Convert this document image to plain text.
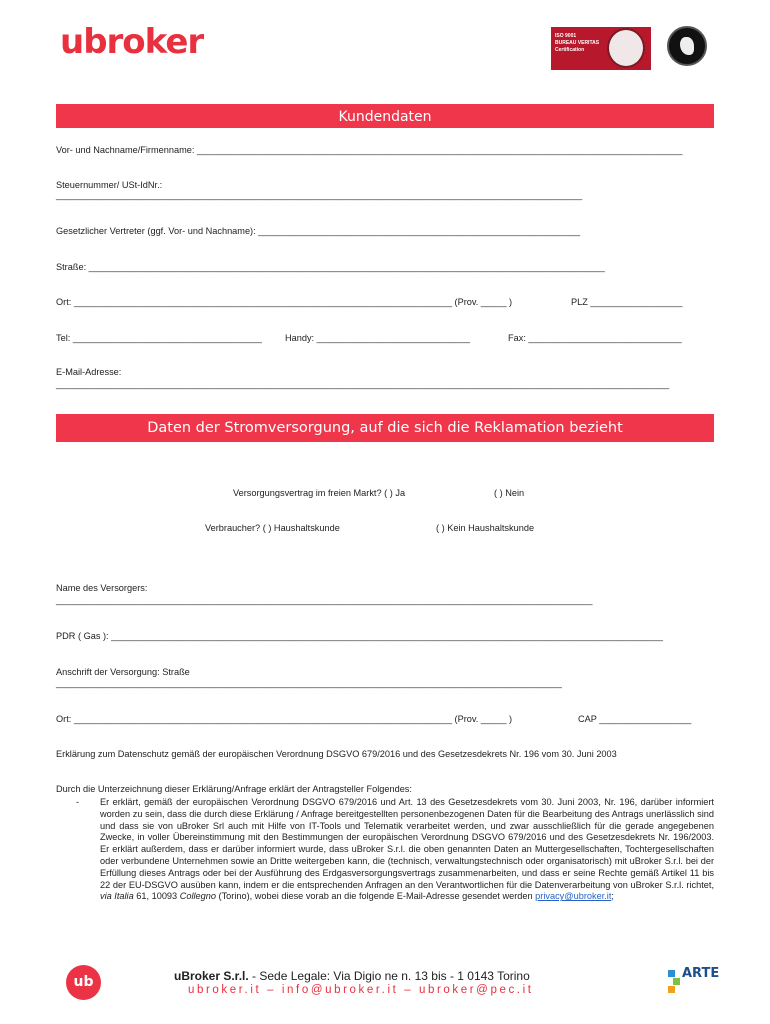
ubroker	ISO 9001
BUREAU VERITAS
Certification
Kundendaten
Vor- und Nachname/Firmenname: _______________________________________________________________________________________________
Steuernummer/ USt-IdNr.:
_______________________________________________________________________________________________________
Gesetzlicher Vertreter (ggf. Vor- und Nachname): _______________________________________________________________
Straße: _____________________________________________________________________________________________________
Ort: __________________________________________________________________________ (Prov. _____ )	PLZ __________________
Tel: _____________________________________	Handy: ______________________________	Fax: ______________________________
E-Mail-Adresse:
________________________________________________________________________________________________________________________
Daten der Stromversorgung, auf die sich die Reklamation bezieht
Versorgungsvertrag im freien Markt? ( ) Ja	( ) Nein
Verbraucher? ( ) Haushaltskunde	( ) Kein Haushaltskunde
Name des Versorgers:
_________________________________________________________________________________________________________
PDR ( Gas ): ____________________________________________________________________________________________________________
Anschrift der Versorgung: Straße
___________________________________________________________________________________________________
Ort: __________________________________________________________________________ (Prov. _____ )	CAP __________________
Erklärung zum Datenschutz gemäß der europäischen Verordnung DSGVO 679/2016 und des Gesetzesdekrets Nr. 196 vom 30. Juni 2003
Durch die Unterzeichnung dieser Erklärung/Anfrage erklärt der Antragsteller Folgendes:
- Er erklärt, gemäß der europäischen Verordnung DSGVO 679/2016 und Art. 13 des Gesetzesdekrets vom 30. Juni 2003, Nr. 196, darüber informiert worden zu sein, dass die durch diese Erklärung / Anfrage bereitgestellten personenbezogenen Daten für die Bearbeitung des Antrags unerlässlich sind und dass sie von uBroker Srl auch mit Hilfe von IT-Tools und Telematik verarbeitet werden, und zwar ausschließlich für die gerade angegebenen Zwecke, in voller Übereinstimmung mit den Bestimmungen der europäischen Verordnung DSGVO 679/2016 und des Gesetzesdekrets Nr. 196/2003. Er erklärt außerdem, dass er darüber informiert wurde, dass uBroker S.r.l. die oben genannten Daten an Muttergesellschaften, Tochtergesellschaften oder verbundene Unternehmen sowie an Dritte weitergeben kann, die (technisch, verwaltungstechnisch oder organisatorisch) mit uBroker S.r.l. bei der Erfüllung dieses Antrags oder bei der Ausführung des Erdgasversorgungsvertrags zusammenarbeiten, und dass er seine Rechte gemäß Artikel 11 bis 22 der EU-DSGVO ausüben kann, indem er die entsprechenden Anfragen an den Verantwortlichen für die Datenverarbeitung von uBroker S.r.l. richtet, via Italia 61, 10093 Collegno (Torino), wobei diese vorab an die folgende E-Mail-Adresse gesendet werden privacy@ubroker.it;
ub	uBroker S.r.l. - Sede Legale: Via Digio ne n. 13 bis - 1 0143 Torino
ubroker.it – info@ubroker.it – ubroker@pec.it
ARTE
